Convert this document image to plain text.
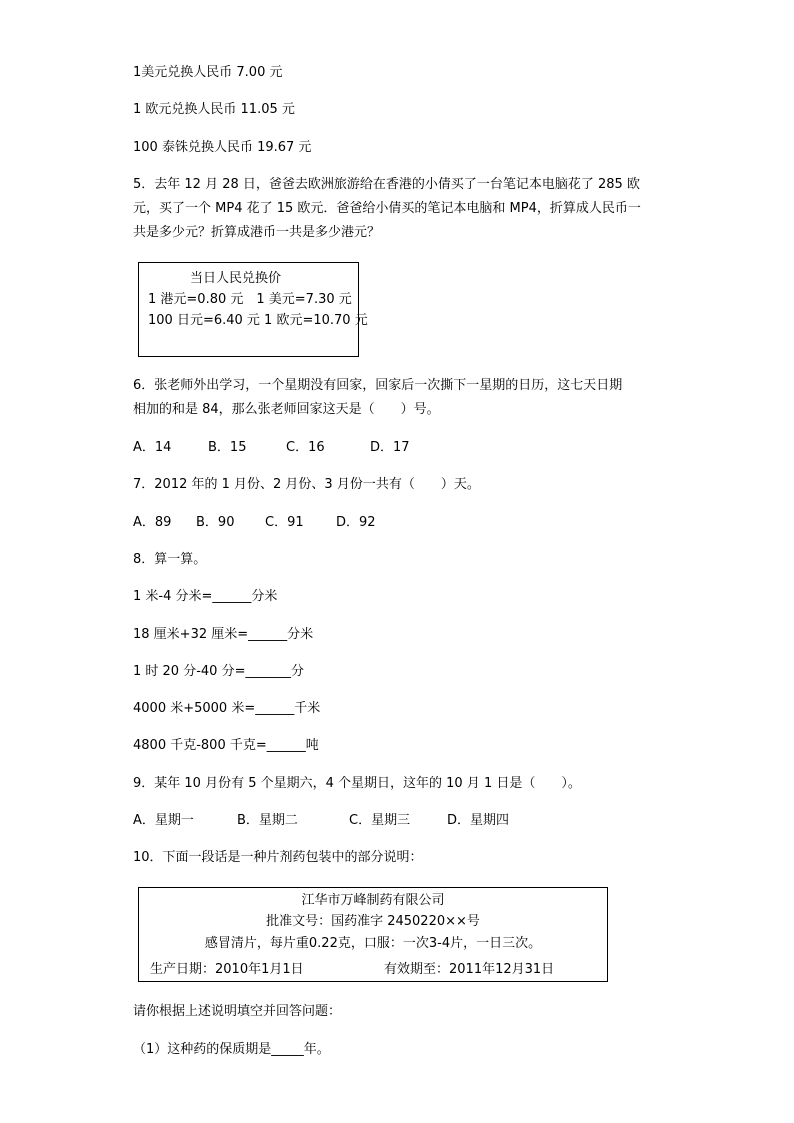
1美元兑换人民币 7.00 元
1 欧元兑换人民币 11.05 元
100 泰铢兑换人民币 19.67 元
5．去年 12 月 28 日，爸爸去欧洲旅游给在香港的小倩买了一台笔记本电脑花了 285 欧
元，买了一个 MP4 花了 15 欧元．爸爸给小倩买的笔记本电脑和 MP4，折算成人民币一
共是多少元？折算成港币一共是多少港元？
当日人民兑换价
1 港元=0.80 元　1 美元=7.30 元
100 日元=6.40 元 1 欧元=10.70 元
6．张老师外出学习，一个星期没有回家，回家后一次撕下一星期的日历，这七天日期
相加的和是 84，那么张老师回家这天是（　　）号。
A．14	B．15	C．16	D．17
7．2012 年的 1 月份、2 月份、3 月份一共有（　　）天。
A．89 B．90 C．91 D．92
8．算一算。
1 米-4 分米=______分米
18 厘米+32 厘米=______分米
1 时 20 分-40 分=_______分
4000 米+5000 米=______千米
4800 千克-800 千克=______吨
9．某年 10 月份有 5 个星期六，4 个星期日，这年的 10 月 1 日是（　　）。
A．星期一	B．星期二	C．星期三	D．星期四
10．下面一段话是一种片剂药包装中的部分说明：
江华市万峰制药有限公司
批准文号：国药准字 2450220××号
感冒清片，每片重0.22克，口服：一次3-4片，一日三次。
生产日期：2010年1月1日	有效期至：2011年12月31日
请你根据上述说明填空并回答问题：
（1）这种药的保质期是_____年。
